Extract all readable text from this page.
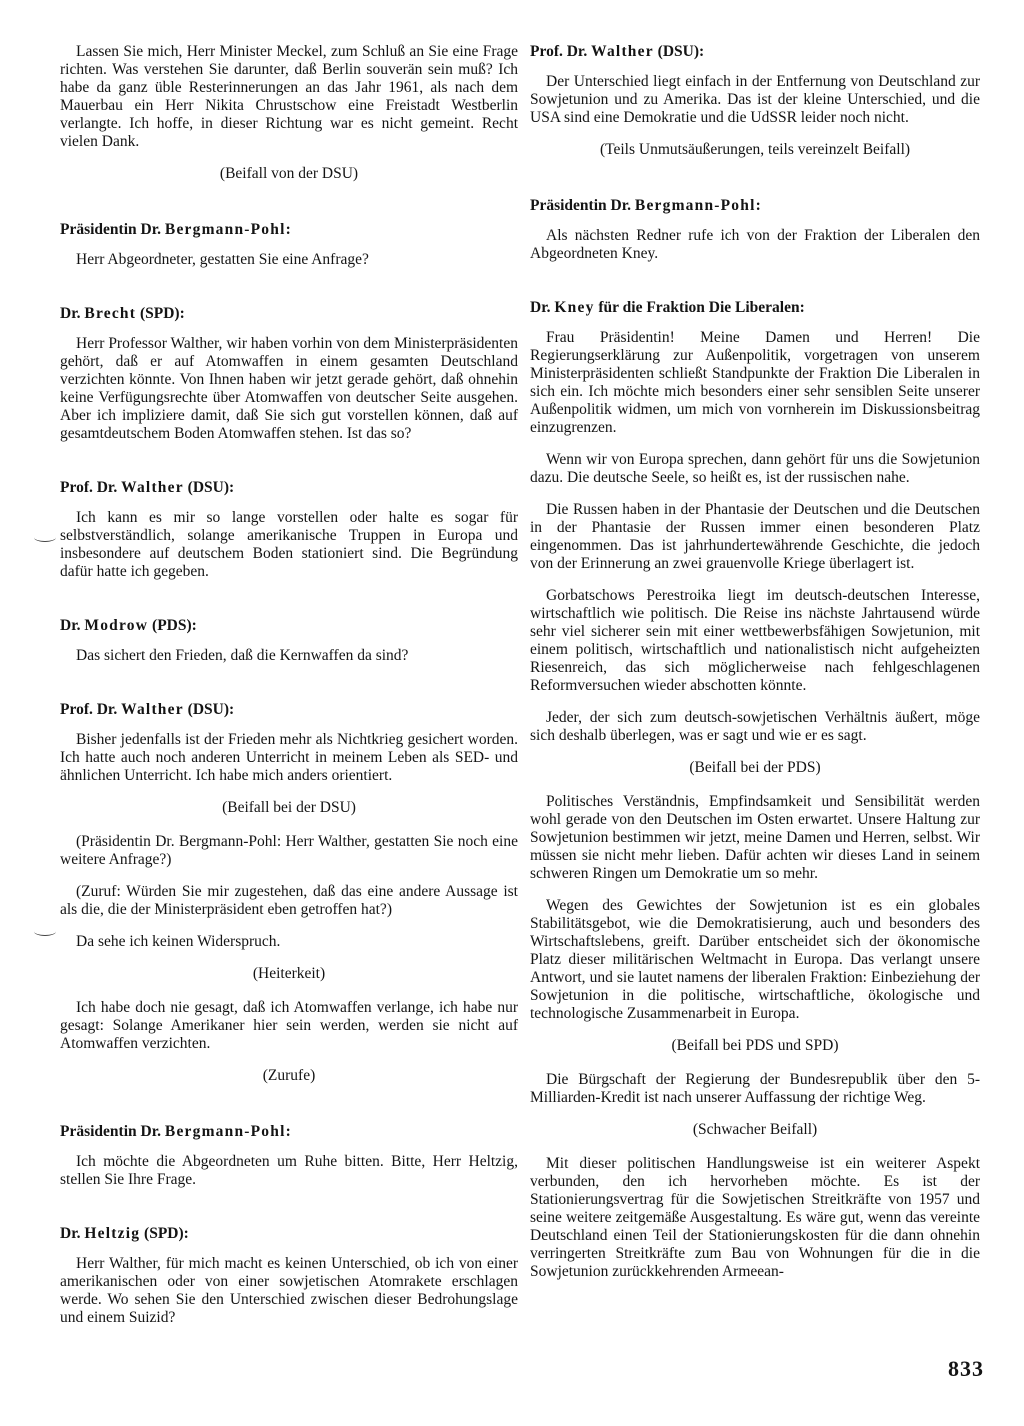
Lassen Sie mich, Herr Minister Meckel, zum Schluß an Sie eine Frage richten. Was verstehen Sie darunter, daß Berlin souverän sein muß? Ich habe da ganz üble Resterinnerungen an das Jahr 1961, als nach dem Mauerbau ein Herr Nikita Chrustschow eine Freistadt Westberlin verlangte. Ich hoffe, in dieser Richtung war es nicht gemeint. Recht vielen Dank.
(Beifall von der DSU)
Präsidentin Dr. Bergmann-Pohl:
Herr Abgeordneter, gestatten Sie eine Anfrage?
Dr. Brecht (SPD):
Herr Professor Walther, wir haben vorhin von dem Ministerpräsidenten gehört, daß er auf Atomwaffen in einem gesamten Deutschland verzichten könnte. Von Ihnen haben wir jetzt gerade gehört, daß ohnehin keine Verfügungsrechte über Atomwaffen von deutscher Seite ausgehen. Aber ich impliziere damit, daß Sie sich gut vorstellen können, daß auf gesamtdeutschem Boden Atomwaffen stehen. Ist das so?
Prof. Dr. Walther (DSU):
Ich kann es mir so lange vorstellen oder halte es sogar für selbstverständlich, solange amerikanische Truppen in Europa und insbesondere auf deutschem Boden stationiert sind. Die Begründung dafür hatte ich gegeben.
Dr. Modrow (PDS):
Das sichert den Frieden, daß die Kernwaffen da sind?
Prof. Dr. Walther (DSU):
Bisher jedenfalls ist der Frieden mehr als Nichtkrieg gesichert worden. Ich hatte auch noch anderen Unterricht in meinem Leben als SED- und ähnlichen Unterricht. Ich habe mich anders orientiert.
(Beifall bei der DSU)
(Präsidentin Dr. Bergmann-Pohl: Herr Walther, gestatten Sie noch eine weitere Anfrage?)
(Zuruf: Würden Sie mir zugestehen, daß das eine andere Aussage ist als die, die der Ministerpräsident eben getroffen hat?)
Da sehe ich keinen Widerspruch.
(Heiterkeit)
Ich habe doch nie gesagt, daß ich Atomwaffen verlange, ich habe nur gesagt: Solange Amerikaner hier sein werden, werden sie nicht auf Atomwaffen verzichten.
(Zurufe)
Präsidentin Dr. Bergmann-Pohl:
Ich möchte die Abgeordneten um Ruhe bitten. Bitte, Herr Heltzig, stellen Sie Ihre Frage.
Dr. Heltzig (SPD):
Herr Walther, für mich macht es keinen Unterschied, ob ich von einer amerikanischen oder von einer sowjetischen Atomrakete erschlagen werde. Wo sehen Sie den Unterschied zwischen dieser Bedrohungslage und einem Suizid?
Prof. Dr. Walther (DSU):
Der Unterschied liegt einfach in der Entfernung von Deutschland zur Sowjetunion und zu Amerika. Das ist der kleine Unterschied, und die USA sind eine Demokratie und die UdSSR leider noch nicht.
(Teils Unmutsäußerungen, teils vereinzelt Beifall)
Präsidentin Dr. Bergmann-Pohl:
Als nächsten Redner rufe ich von der Fraktion der Liberalen den Abgeordneten Kney.
Dr. Kney für die Fraktion Die Liberalen:
Frau Präsidentin! Meine Damen und Herren! Die Regierungserklärung zur Außenpolitik, vorgetragen von unserem Ministerpräsidenten schließt Standpunkte der Fraktion Die Liberalen in sich ein. Ich möchte mich besonders einer sehr sensiblen Seite unserer Außenpolitik widmen, um mich von vornherein im Diskussionsbeitrag einzugrenzen.
Wenn wir von Europa sprechen, dann gehört für uns die Sowjetunion dazu. Die deutsche Seele, so heißt es, ist der russischen nahe.
Die Russen haben in der Phantasie der Deutschen und die Deutschen in der Phantasie der Russen immer einen besonderen Platz eingenommen. Das ist jahrhundertewährende Geschichte, die jedoch von der Erinnerung an zwei grauenvolle Kriege überlagert ist.
Gorbatschows Perestroika liegt im deutsch-deutschen Interesse, wirtschaftlich wie politisch. Die Reise ins nächste Jahrtausend würde sehr viel sicherer sein mit einer wettbewerbsfähigen Sowjetunion, mit einem politisch, wirtschaftlich und nationalistisch nicht aufgeheizten Riesenreich, das sich möglicherweise nach fehlgeschlagenen Reformversuchen wieder abschotten könnte.
Jeder, der sich zum deutsch-sowjetischen Verhältnis äußert, möge sich deshalb überlegen, was er sagt und wie er es sagt.
(Beifall bei der PDS)
Politisches Verständnis, Empfindsamkeit und Sensibilität werden wohl gerade von den Deutschen im Osten erwartet. Unsere Haltung zur Sowjetunion bestimmen wir jetzt, meine Damen und Herren, selbst. Wir müssen sie nicht mehr lieben. Dafür achten wir dieses Land in seinem schweren Ringen um Demokratie um so mehr.
Wegen des Gewichtes der Sowjetunion ist es ein globales Stabilitätsgebot, wie die Demokratisierung, auch und besonders des Wirtschaftslebens, greift. Darüber entscheidet sich der ökonomische Platz dieser militärischen Weltmacht in Europa. Das verlangt unsere Antwort, und sie lautet namens der liberalen Fraktion: Einbeziehung der Sowjetunion in die politische, wirtschaftliche, ökologische und technologische Zusammenarbeit in Europa.
(Beifall bei PDS und SPD)
Die Bürgschaft der Regierung der Bundesrepublik über den 5-Milliarden-Kredit ist nach unserer Auffassung der richtige Weg.
(Schwacher Beifall)
Mit dieser politischen Handlungsweise ist ein weiterer Aspekt verbunden, den ich hervorheben möchte. Es ist der Stationierungsvertrag für die Sowjetischen Streitkräfte von 1957 und seine weitere zeitgemäße Ausgestaltung. Es wäre gut, wenn das vereinte Deutschland einen Teil der Stationierungskosten für die dann ohnehin verringerten Streitkräfte zum Bau von Wohnungen für die in die Sowjetunion zurückkehrenden Armeean-
833
